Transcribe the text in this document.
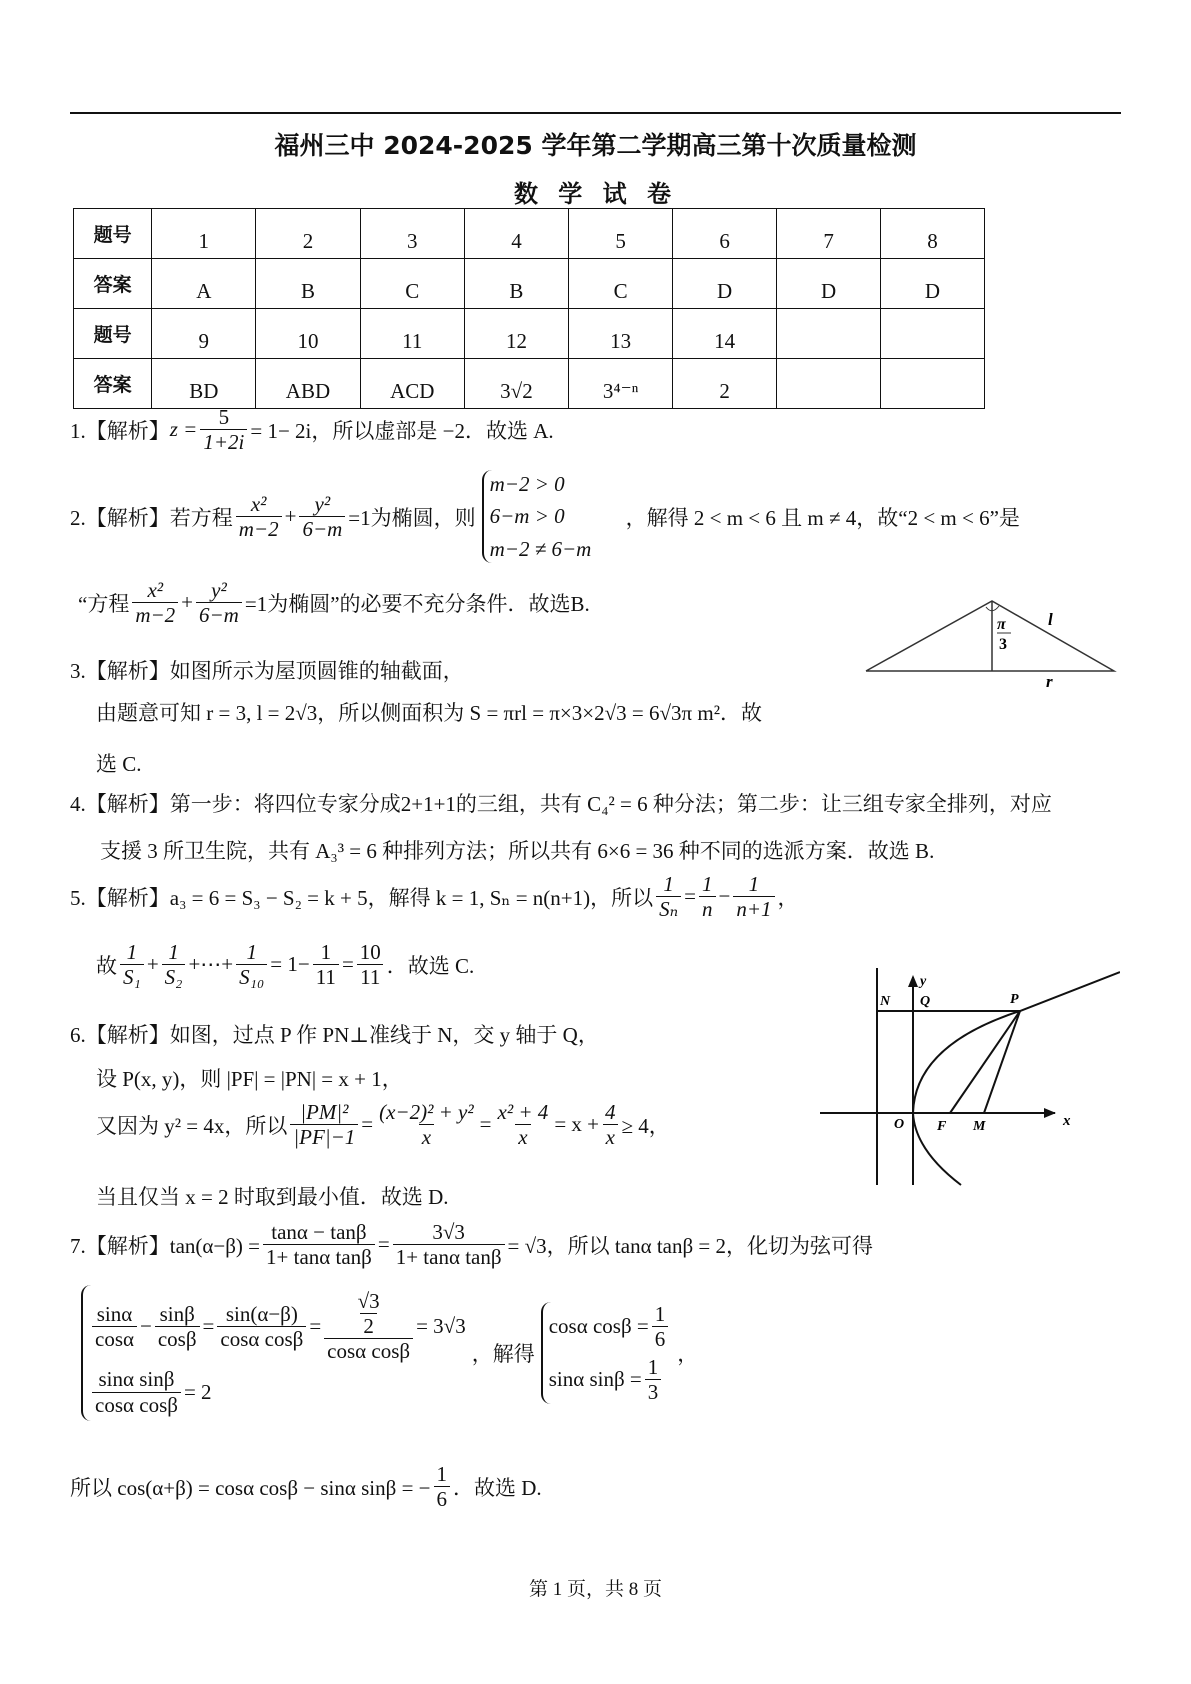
福州三中 2024-2025 学年第二学期高三第十次质量检测
数 学 试 卷
题号	1	2	3	4	5	6	7	8
答案	A	B	C	B	C	D	D	D
题号	9	10	11	12	13	14		
答案	BD	ABD	ACD	3√2	3⁴⁻ⁿ	2		
1.【解析】 $z = \frac{5}{1+2i} = 1- 2i$，所以虚部是 −2．故选 A.
2.【解析】若方程 $\frac{\text{x²}}{m-2} + \frac{\text{y²}}{6-m} =1$为椭圆，则
m−2 > 0
6−m > 0
m−2 ≠ 6−m
，解得 2 < m < 6 且 m ≠ 4，故“2 < m < 6”是
“方程 $\frac{\text{x²}}{m-2} + \frac{\text{y²}}{6-m} =1$为椭圆”的必要不充分条件．故选B.
π
3
l
r
3.【解析】如图所示为屋顶圆锥的轴截面，
由题意可知 r = 3, l = 2√3，所以侧面积为 S = πrl = π×3×2√3 = 6√3π m²．故
选 C.
4.【解析】第一步：将四位专家分成2+1+1的三组，共有 C₄² = 6 种分法；第二步：让三组专家全排列，对应
支援 3 所卫生院，共有 A₃³ = 6 种排列方法；所以共有 6×6 = 36 种不同的选派方案．故选 B.
5.【解析】a₃ = 6 = S₃ − S₂ = k + 5，解得 k = 1, Sₙ = n(n+1)，所以 $\frac{1}{\text{Sₙ}} = \frac{1}{n} - \frac{1}{n+1}$ ，
故 $\frac{1}{\text{S₁}} + \frac{1}{\text{S₂}}$ +⋯+ $\frac{1}{\text{S₁₀}} = 1- \frac{1}{11} = \frac{10}{11}$ ．故选 C.
y
x
N Q	P
O F M
6.【解析】如图，过点 P 作 PN⊥准线于 N，交 y 轴于 Q，
设 P(x, y)，则 |PF| = |PN| = x + 1，
又因为 y² = 4x，所以 $\frac{\text{|PM|²}}{|PF|-1} = \frac{\text{(x−2)² + y²}}{x} = \frac{\text{x² + 4}}{x} = x + \frac{4}{x} \ge 4$，
当且仅当 x = 2 时取到最小值．故选 D.
7.【解析】$\tan(\alpha-\beta) = \frac{\tan\alpha - \tan\beta}{\text{1+ tanα tanβ}} = \frac{3√3}{\text{1+ tanα tanβ}} = √3$，所以 tanα tanβ = 2，化切为弦可得
$\frac{\sin\alpha}{\cos\alpha} - \frac{\sin\beta}{\cos\beta} = \frac{\sin(\alpha-\beta)}{\text{cosα cosβ}} = \frac{\frac{√3}{2}}{\text{cosα cosβ}} = 3√3$
$\frac{\text{sinα sinβ}}{\text{cosα cosβ}} = 2$
，解得
cosα $\cos\beta = \frac{1}{6}$
sinα $\sin\beta = \frac{1}{3}$
，
所以 cos(α+β) = cosα cosβ − sinα sinβ = − $\frac{1}{6}$ ．故选 D.
第 1 页，共 8 页
